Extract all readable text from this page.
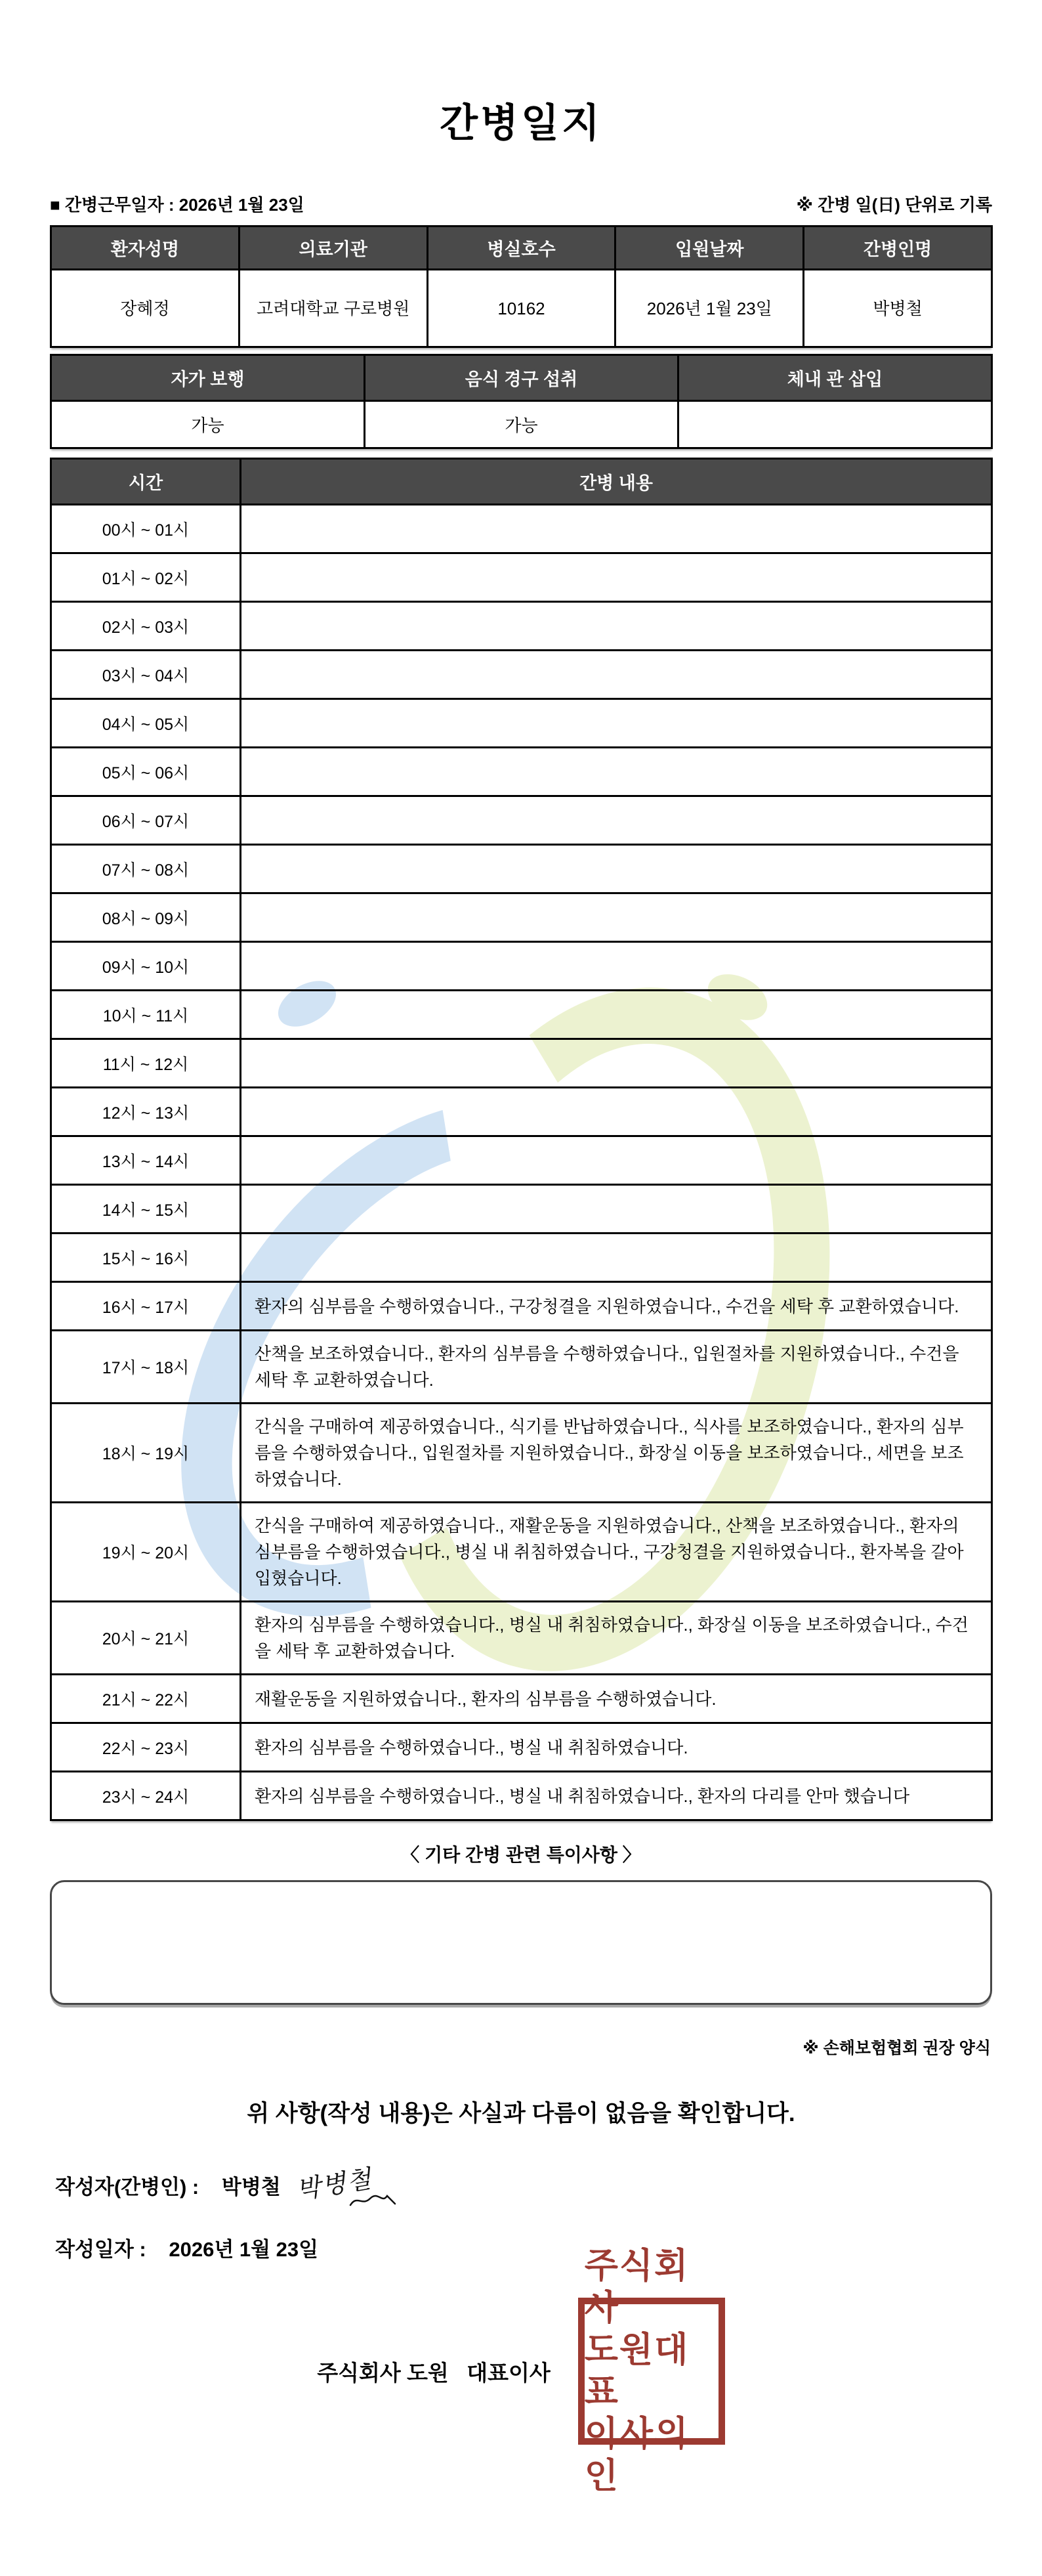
간병일지
■ 간병근무일자 : 2026년 1월 23일	※ 간병 일(日) 단위로 기록
환자성명	의료기관	병실호수	입원날짜	간병인명
장혜정	고려대학교 구로병원	10162	2026년 1월 23일	박병철
자가 보행	음식 경구 섭취	체내 관 삽입
가능	가능	
시간	간병 내용
00시 ~ 01시	
01시 ~ 02시	
02시 ~ 03시	
03시 ~ 04시	
04시 ~ 05시	
05시 ~ 06시	
06시 ~ 07시	
07시 ~ 08시	
08시 ~ 09시	
09시 ~ 10시	
10시 ~ 11시	
11시 ~ 12시	
12시 ~ 13시	
13시 ~ 14시	
14시 ~ 15시	
15시 ~ 16시	
16시 ~ 17시	환자의 심부름을 수행하였습니다., 구강청결을 지원하였습니다., 수건을 세탁 후 교환하였습니다.
17시 ~ 18시	산책을 보조하였습니다., 환자의 심부름을 수행하였습니다., 입원절차를 지원하였습니다., 수건을 세탁 후 교환하였습니다.
18시 ~ 19시	간식을 구매하여 제공하였습니다., 식기를 반납하였습니다., 식사를 보조하였습니다., 환자의 심부름을 수행하였습니다., 입원절차를 지원하였습니다., 화장실 이동을 보조하였습니다., 세면을 보조하였습니다.
19시 ~ 20시	간식을 구매하여 제공하였습니다., 재활운동을 지원하였습니다., 산책을 보조하였습니다., 환자의 심부름을 수행하였습니다., 병실 내 취침하였습니다., 구강청결을 지원하였습니다., 환자복을 갈아입혔습니다.
20시 ~ 21시	환자의 심부름을 수행하였습니다., 병실 내 취침하였습니다., 화장실 이동을 보조하였습니다., 수건을 세탁 후 교환하였습니다.
21시 ~ 22시	재활운동을 지원하였습니다., 환자의 심부름을 수행하였습니다.
22시 ~ 23시	환자의 심부름을 수행하였습니다., 병실 내 취침하였습니다.
23시 ~ 24시	환자의 심부름을 수행하였습니다., 병실 내 취침하였습니다., 환자의 다리를 안마 했습니다
〈 기타 간병 관련 특이사항 〉
※ 손해보험협회 권장 양식
위 사항(작성 내용)은 사실과 다름이 없음을 확인합니다.
작성자(간병인) : 박병철 박병철
작성일자 : 2026년 1월 23일
주식회사 도원   대표이사
주식회사
도원대표
이사의인
